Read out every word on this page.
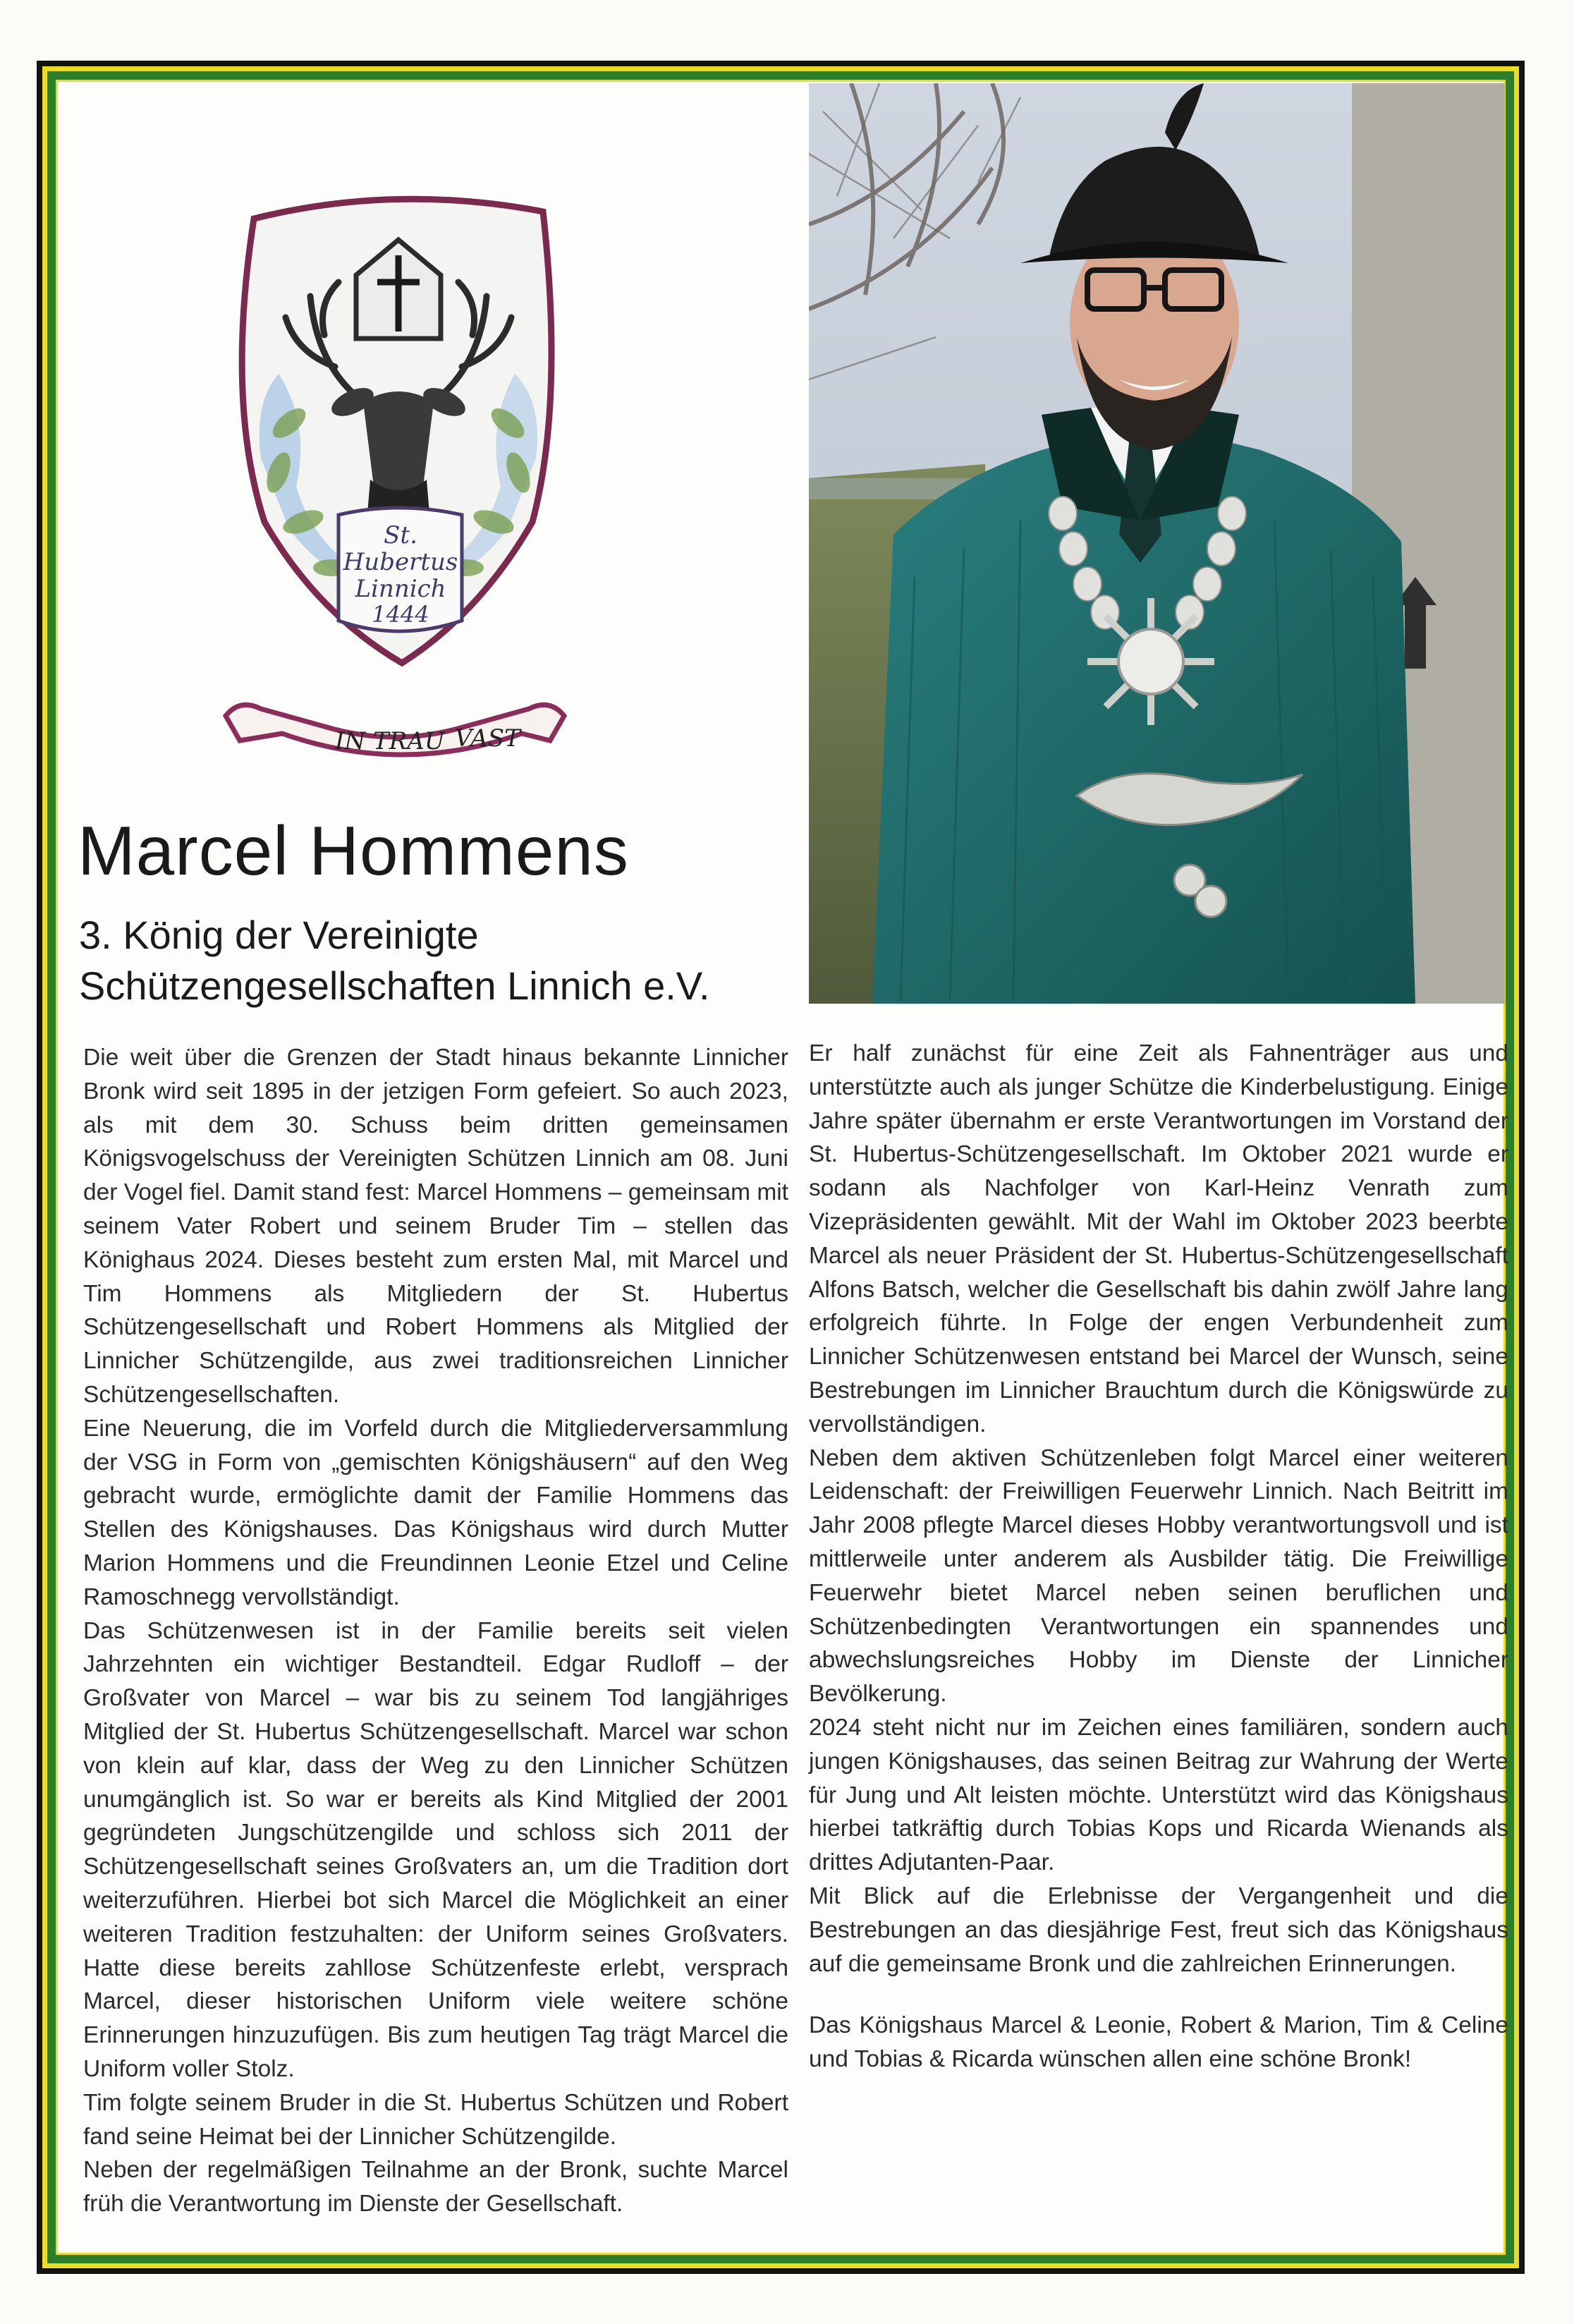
St.
Hubertus
Linnich
1444
IN TRAU VAST
Marcel Hommens
3. König der Vereinigte
Schützengesellschaften Linnich e.V.

Die weit über die Grenzen der Stadt hinaus bekannte Linnicher Bronk wird seit 1895 in der jetzigen Form gefeiert. So auch 2023, als mit dem 30. Schuss beim dritten gemeinsamen Königsvogelschuss der Vereinigten Schützen Linnich am 08. Juni der Vogel fiel. Damit stand fest: Marcel Hommens – gemeinsam mit seinem Vater Robert und seinem Bruder Tim – stellen das Könighaus 2024. Dieses besteht zum ersten Mal, mit Marcel und Tim Hommens als Mitgliedern der St. Hubertus Schützengesellschaft und Robert Hommens als Mitglied der Linnicher Schützengilde, aus zwei traditionsreichen Linnicher Schützengesellschaften.

Eine Neuerung, die im Vorfeld durch die Mitgliederversammlung der VSG in Form von „gemischten Königshäusern“ auf den Weg gebracht wurde, ermöglichte damit der Familie Hommens das Stellen des Königshauses. Das Königshaus wird durch Mutter Marion Hommens und die Freundinnen Leonie Etzel und Celine Ramoschnegg vervollständigt.

Das Schützenwesen ist in der Familie bereits seit vielen Jahrzehnten ein wichtiger Bestandteil. Edgar Rudloff – der Großvater von Marcel – war bis zu seinem Tod langjähriges Mitglied der St. Hubertus Schützengesellschaft. Marcel war schon von klein auf klar, dass der Weg zu den Linnicher Schützen unumgänglich ist. So war er bereits als Kind Mitglied der 2001 gegründeten Jungschützengilde und schloss sich 2011 der Schützengesellschaft seines Großvaters an, um die Tradition dort weiterzuführen. Hierbei bot sich Marcel die Möglichkeit an einer weiteren Tradition festzuhalten: der Uniform seines Großvaters. Hatte diese bereits zahllose Schützenfeste erlebt, versprach Marcel, dieser historischen Uniform viele weitere schöne Erinnerungen hinzuzufügen. Bis zum heutigen Tag trägt Marcel die Uniform voller Stolz.

Tim folgte seinem Bruder in die St. Hubertus Schützen und Robert fand seine Heimat bei der Linnicher Schützengilde.

Neben der regelmäßigen Teilnahme an der Bronk, suchte Marcel früh die Verantwortung im Dienste der Gesellschaft.

Er half zunächst für eine Zeit als Fahnenträger aus und unterstützte auch als junger Schütze die Kinderbelustigung. Einige Jahre später übernahm er erste Verantwortungen im Vorstand der St. Hubertus-Schützengesellschaft. Im Oktober 2021 wurde er sodann als Nachfolger von Karl-Heinz Venrath zum Vizepräsidenten gewählt. Mit der Wahl im Oktober 2023 beerbte Marcel als neuer Präsident der St. Hubertus-Schützengesellschaft Alfons Batsch, welcher die Gesellschaft bis dahin zwölf Jahre lang erfolgreich führte. In Folge der engen Verbundenheit zum Linnicher Schützenwesen entstand bei Marcel der Wunsch, seine Bestrebungen im Linnicher Brauchtum durch die Königswürde zu vervollständigen.

Neben dem aktiven Schützenleben folgt Marcel einer weiteren Leidenschaft: der Freiwilligen Feuerwehr Linnich. Nach Beitritt im Jahr 2008 pflegte Marcel dieses Hobby verantwortungsvoll und ist mittlerweile unter anderem als Ausbilder tätig. Die Freiwillige Feuerwehr bietet Marcel neben seinen beruflichen und Schützenbedingten Verantwortungen ein spannendes und abwechslungsreiches Hobby im Dienste der Linnicher Bevölkerung.

2024 steht nicht nur im Zeichen eines familiären, sondern auch jungen Königshauses, das seinen Beitrag zur Wahrung der Werte für Jung und Alt leisten möchte. Unterstützt wird das Königshaus hierbei tatkräftig durch Tobias Kops und Ricarda Wienands als drittes Adjutanten-Paar.

Mit Blick auf die Erlebnisse der Vergangenheit und die Bestrebungen an das diesjährige Fest, freut sich das Königshaus auf die gemeinsame Bronk und die zahlreichen Erinnerungen.

Das Königshaus Marcel & Leonie, Robert & Marion, Tim & Celine und Tobias & Ricarda wünschen allen eine schöne Bronk!
